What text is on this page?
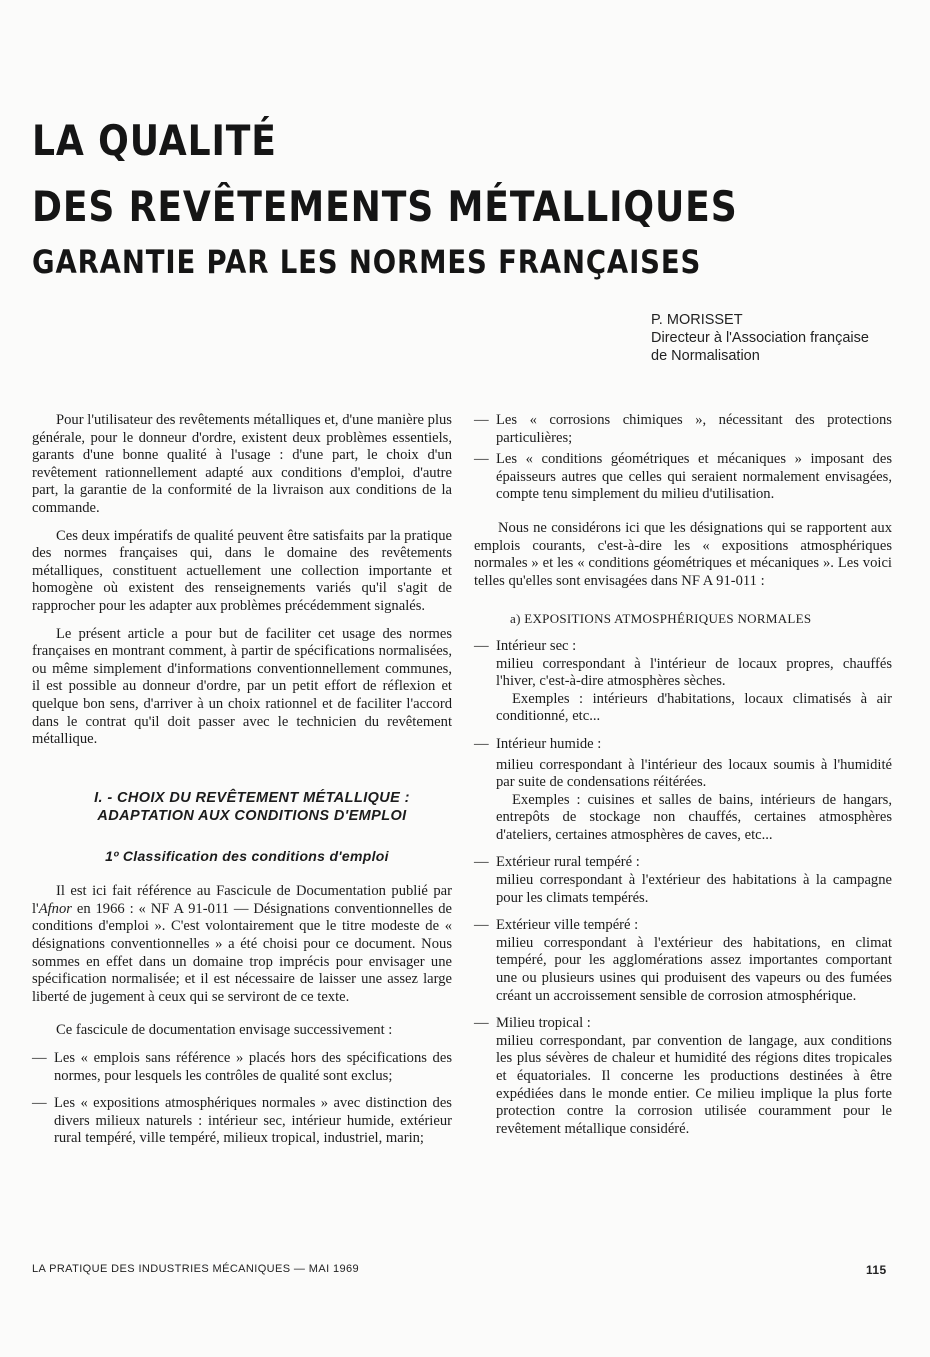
LA QUALITÉ
DES REVÊTEMENTS MÉTALLIQUES
GARANTIE PAR LES NORMES FRANÇAISES
P. MORISSET
Directeur à l'Association française
de Normalisation

Pour l'utilisateur des revêtements métalliques et, d'une manière plus générale, pour le donneur d'ordre, existent deux problèmes essentiels, garants d'une bonne qualité à l'usage : d'une part, le choix d'un revêtement rationnellement adapté aux conditions d'emploi, d'autre part, la garantie de la conformité de la livraison aux conditions de la commande.

Ces deux impératifs de qualité peuvent être satisfaits par la pratique des normes françaises qui, dans le domaine des revêtements métalliques, constituent actuellement une collection importante et homogène où existent des renseignements variés qu'il s'agit de rapprocher pour les adapter aux problèmes précédemment signalés.

Le présent article a pour but de faciliter cet usage des normes françaises en montrant comment, à partir de spécifications normalisées, ou même simplement d'informations conventionnellement communes, il est possible au donneur d'ordre, par un petit effort de réflexion et quelque bon sens, d'arriver à un choix rationnel et de faciliter l'accord dans le contrat qu'il doit passer avec le technicien du revêtement métallique.

I. - CHOIX DU REVÊTEMENT MÉTALLIQUE :
ADAPTATION AUX CONDITIONS D'EMPLOI
1º Classification des conditions d'emploi

Il est ici fait référence au Fascicule de Documentation publié par l'Afnor en 1966 : « NF A 91-011 — Désignations conventionnelles de conditions d'emploi ». C'est volontairement que le titre modeste de « désignations conventionnelles » a été choisi pour ce document. Nous sommes en effet dans un domaine trop imprécis pour envisager une spécification normalisée; et il est nécessaire de laisser une assez large liberté de jugement à ceux qui se serviront de ce texte.

Ce fascicule de documentation envisage successivement :

— Les « emplois sans référence » placés hors des spécifications des normes, pour lesquels les contrôles de qualité sont exclus;

— Les « expositions atmosphériques normales » avec distinction des divers milieux naturels : intérieur sec, intérieur humide, extérieur rural tempéré, ville tempéré, milieux tropical, industriel, marin;

— Les « corrosions chimiques », nécessitant des protections particulières;

— Les « conditions géométriques et mécaniques » imposant des épaisseurs autres que celles qui seraient normalement envisagées, compte tenu simplement du milieu d'utilisation.

Nous ne considérons ici que les désignations qui se rapportent aux emplois courants, c'est-à-dire les « expositions atmosphériques normales » et les « conditions géométriques et mécaniques ». Les voici telles qu'elles sont envisagées dans NF A 91-011 :

a) EXPOSITIONS ATMOSPHÉRIQUES NORMALES
— Intérieur sec :

milieu correspondant à l'intérieur de locaux propres, chauffés l'hiver, c'est-à-dire atmosphères sèches.

Exemples : intérieurs d'habitations, locaux climatisés à air conditionné, etc...

— Intérieur humide :

milieu correspondant à l'intérieur des locaux soumis à l'humidité par suite de condensations réitérées.

Exemples : cuisines et salles de bains, intérieurs de hangars, entrepôts de stockage non chauffés, certaines atmosphères d'ateliers, certaines atmosphères de caves, etc...

— Extérieur rural tempéré :

milieu correspondant à l'extérieur des habitations à la campagne pour les climats tempérés.

— Extérieur ville tempéré :

milieu correspondant à l'extérieur des habitations, en climat tempéré, pour les agglomérations assez importantes comportant une ou plusieurs usines qui produisent des vapeurs ou des fumées créant un accroissement sensible de corrosion atmosphérique.

— Milieu tropical :

milieu correspondant, par convention de langage, aux conditions les plus sévères de chaleur et humidité des régions dites tropicales et équatoriales. Il concerne les productions destinées à être expédiées dans le monde entier. Ce milieu implique la plus forte protection contre la corrosion utilisée couramment pour le revêtement métallique considéré.

LA PRATIQUE DES INDUSTRIES MÉCANIQUES — MAI 1969	115
